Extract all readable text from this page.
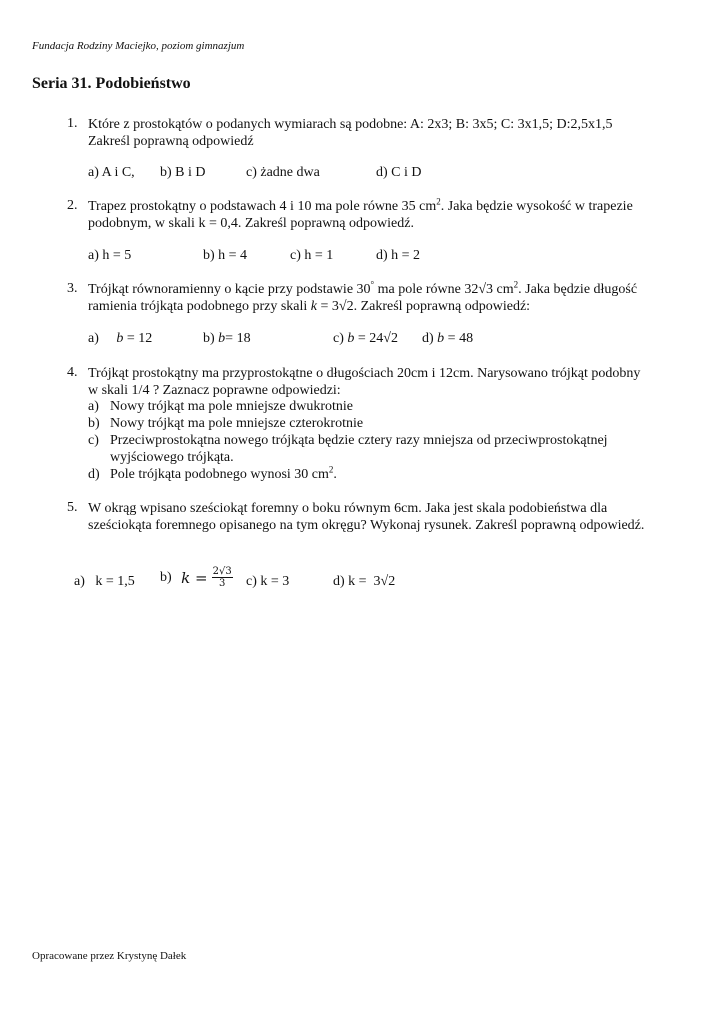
Fundacja Rodziny Maciejko, poziom gimnazjum
Seria 31. Podobieństwo
1. Które z prostokątów o podanych wymiarach są podobne: A: 2x3; B: 3x5; C: 3x1,5; D:2,5x1,5
Zakreśl poprawną odpowiedź
a) A i C, b) B i D	c) żadne dwa	d) C i D
2. Trapez prostokątny o podstawach 4 i 10 ma pole równe 35 $cm^2$. Jaka będzie wysokość w trapezie
podobnym, w skali k = 0,4. Zakreśl poprawną odpowiedź.
a) h = 5	b) h = 4	c) h = 1	d) h = 2
3. Trójkąt równoramienny o kącie przy podstawie 30° ma pole równe 32√3 $cm^2$. Jaka będzie długość
ramienia trójkąta podobnego przy skali k = 3√2. Zakreśl poprawną odpowiedź:
a)     b = 12	b) b= 18	c) b = 24√2 d) b = 48
4. Trójkąt prostokątny ma przyprostokątne o długościach 20cm i 12cm. Narysowano trójkąt podobny
w skali 1/4 ? Zaznacz poprawne odpowiedzi:
a) Nowy trójkąt ma pole mniejsze dwukrotnie
b) Nowy trójkąt ma pole mniejsze czterokrotnie
c) Przeciwprostokątna nowego trójkąta będzie cztery razy mniejsza od przeciwprostokątnej
wyjściowego trójkąta.
d) Pole trójkąta podobnego wynosi 30 $cm^2$.
5. W okrąg wpisano sześciokąt foremny o boku równym 6cm. Jaka jest skala podobieństwa dla
sześciokąta foremnego opisanego na tym okręgu? Wykonaj rysunek. Zakreśl poprawną odpowiedź.
a)   k = 1,5 b) $k = \frac{2√3}{3} c$) k = 3	d) k =  3√2
Opracowane przez Krystynę Dałek
